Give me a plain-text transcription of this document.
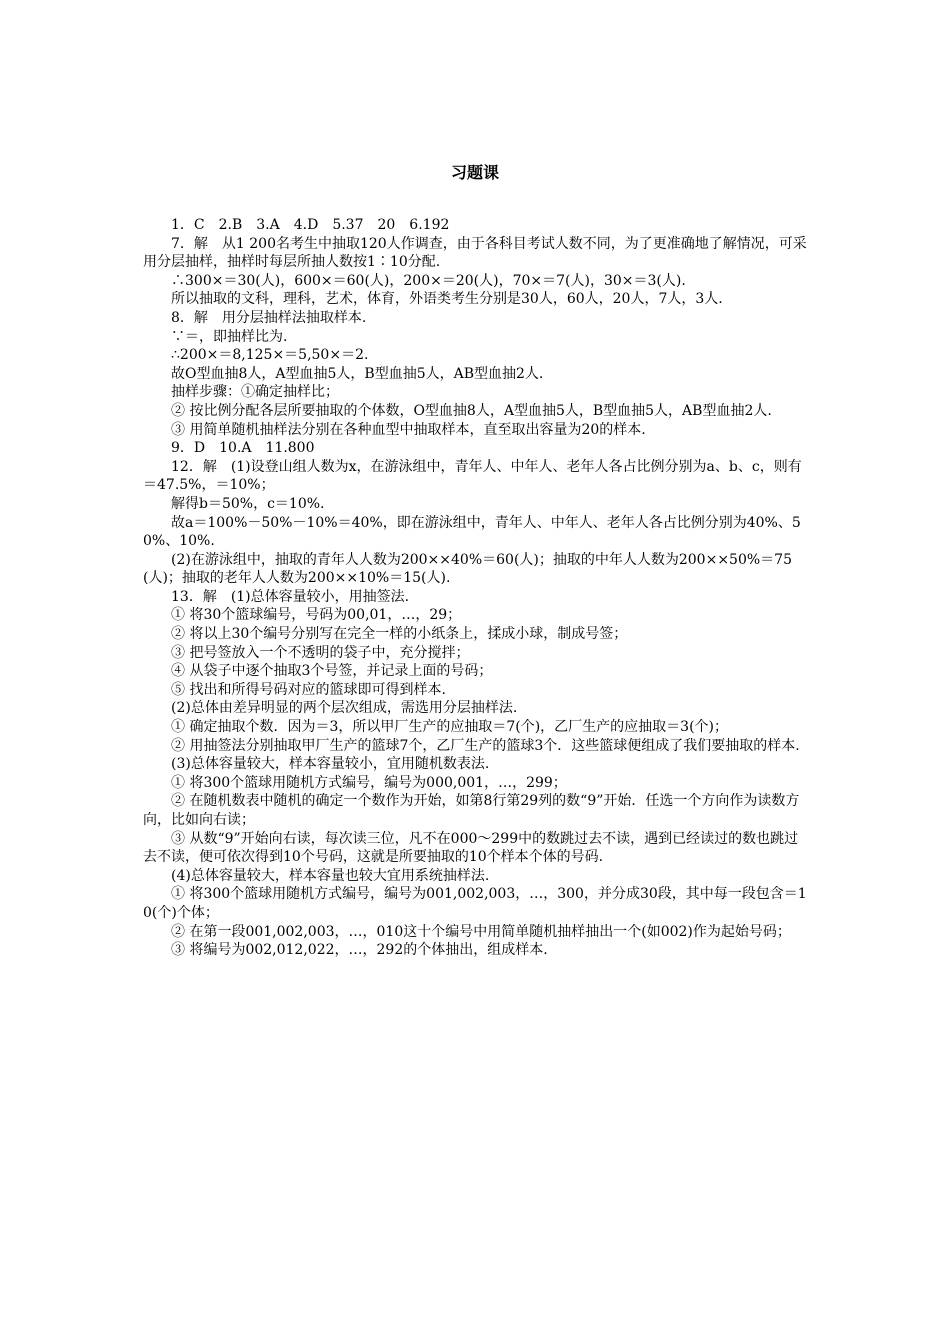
习题课

1．C　2.B　3.A　4.D　5.37　20　6.192

7．解　从1 200名考生中抽取120人作调查，由于各科目考试人数不同，为了更准确地了解情况，可采用分层抽样，抽样时每层所抽人数按1∶10分配.

∴300×＝30(人)，600×＝60(人)，200×＝20(人)，70×＝7(人)，30×＝3(人).

所以抽取的文科，理科，艺术，体育，外语类考生分别是30人，60人，20人，7人，3人.

8．解　用分层抽样法抽取样本.

∵＝，即抽样比为.

∴200×＝8,125×＝5,50×＝2.

故O型血抽8人，A型血抽5人，B型血抽5人，AB型血抽2人.

抽样步骤：①确定抽样比；

② 按比例分配各层所要抽取的个体数，O型血抽8人，A型血抽5人，B型血抽5人，AB型血抽2人.

③ 用简单随机抽样法分别在各种血型中抽取样本，直至取出容量为20的样本.

9．D　10.A　11.800

12．解　(1)设登山组人数为x，在游泳组中，青年人、中年人、老年人各占比例分别为a、b、c，则有＝47.5%，＝10%；

解得b＝50%，c＝10%.

故a＝100%－50%－10%＝40%，即在游泳组中，青年人、中年人、老年人各占比例分别为40%、50%、10%.

(2)在游泳组中，抽取的青年人人数为200××40%＝60(人)；抽取的中年人人数为200××50%＝75(人)；抽取的老年人人数为200××10%＝15(人).

13．解　(1)总体容量较小，用抽签法.

① 将30个篮球编号，号码为00,01，…，29；

② 将以上30个编号分别写在完全一样的小纸条上，揉成小球，制成号签；

③ 把号签放入一个不透明的袋子中，充分搅拌；

④ 从袋子中逐个抽取3个号签，并记录上面的号码；

⑤ 找出和所得号码对应的篮球即可得到样本.

(2)总体由差异明显的两个层次组成，需选用分层抽样法.

① 确定抽取个数．因为＝3，所以甲厂生产的应抽取＝7(个)，乙厂生产的应抽取＝3(个)；

② 用抽签法分别抽取甲厂生产的篮球7个，乙厂生产的篮球3个．这些篮球便组成了我们要抽取的样本.

(3)总体容量较大，样本容量较小，宜用随机数表法.

① 将300个篮球用随机方式编号，编号为000,001，…，299；

② 在随机数表中随机的确定一个数作为开始，如第8行第29列的数“9”开始．任选一个方向作为读数方向，比如向右读；

③ 从数“9”开始向右读，每次读三位，凡不在000～299中的数跳过去不读，遇到已经读过的数也跳过去不读，便可依次得到10个号码，这就是所要抽取的10个样本个体的号码.

(4)总体容量较大，样本容量也较大宜用系统抽样法.

① 将300个篮球用随机方式编号，编号为001,002,003，…，300，并分成30段，其中每一段包含＝10(个)个体；

② 在第一段001,002,003，…，010这十个编号中用简单随机抽样抽出一个(如002)作为起始号码；

③ 将编号为002,012,022，…，292的个体抽出，组成样本.
